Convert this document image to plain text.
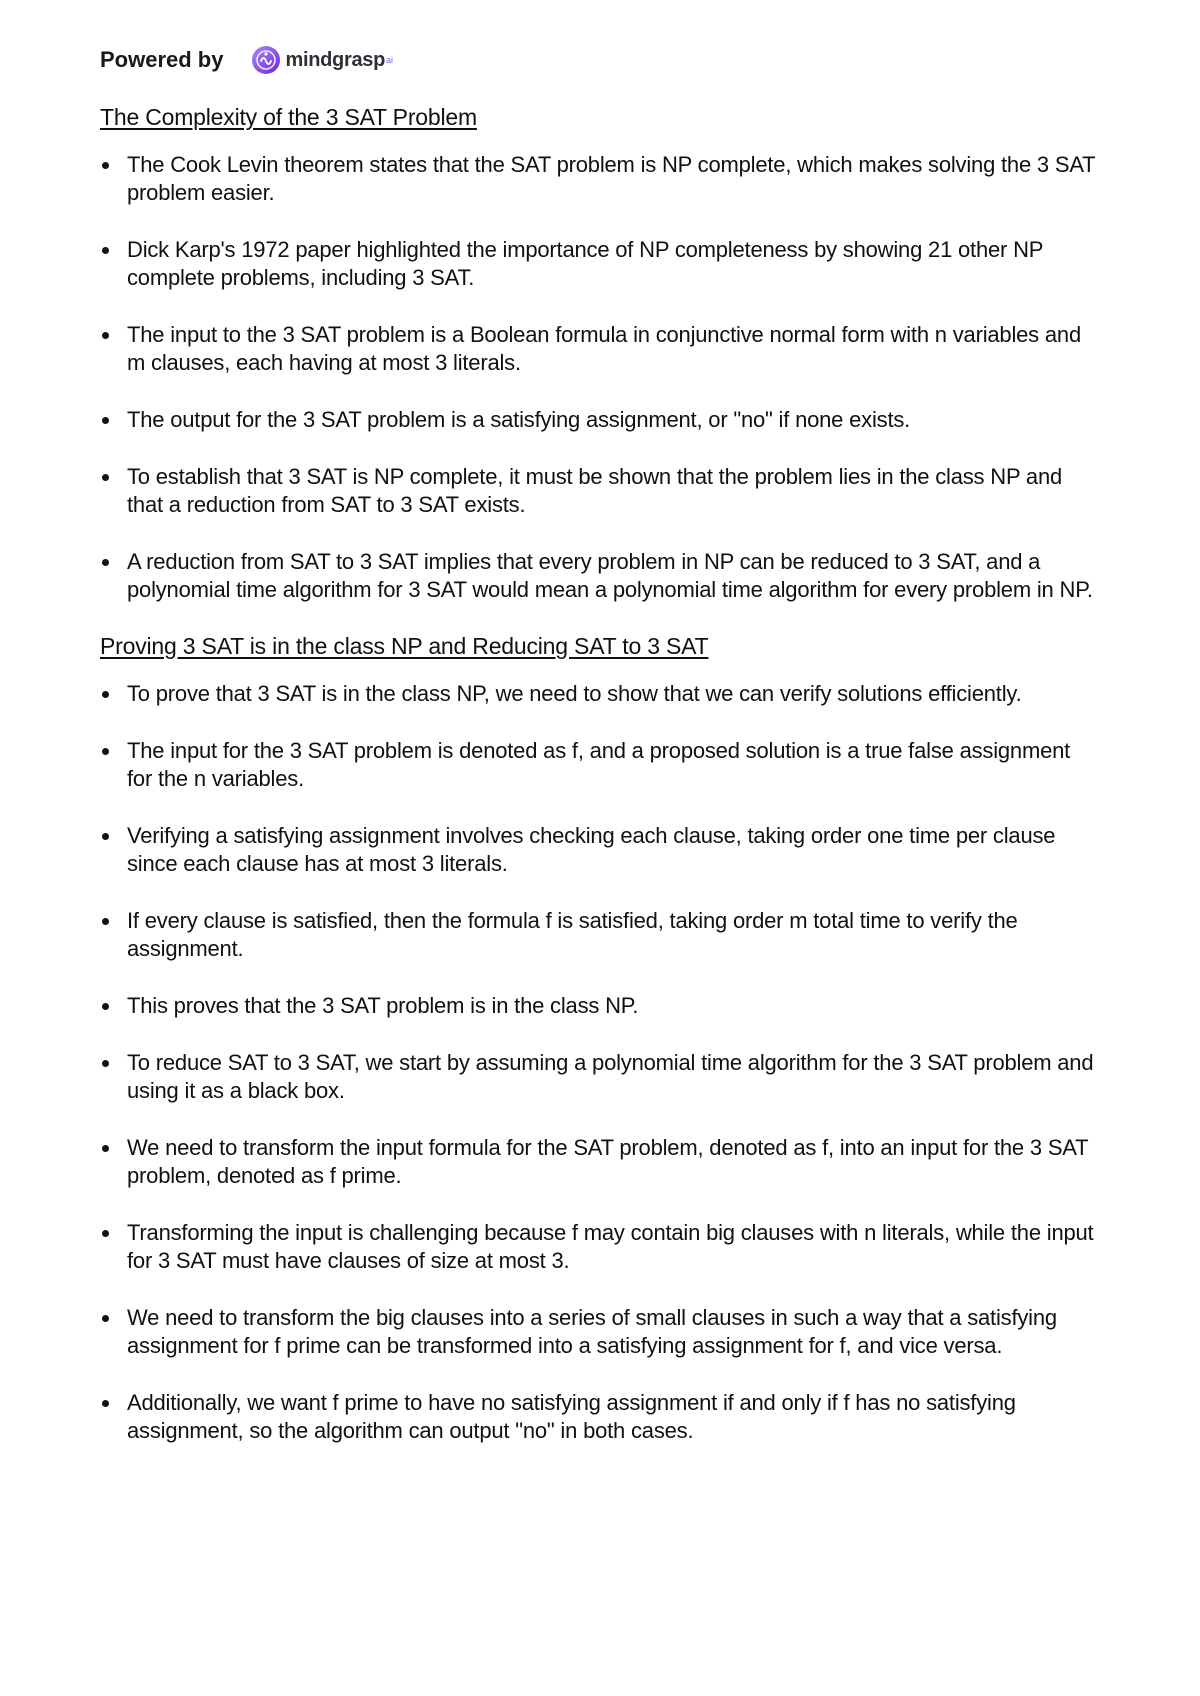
Powered by	mindgrasp ai
The Complexity of the 3 SAT Problem
The Cook Levin theorem states that the SAT problem is NP complete, which makes solving the 3 SAT problem easier.
Dick Karp's 1972 paper highlighted the importance of NP completeness by showing 21 other NP complete problems, including 3 SAT.
The input to the 3 SAT problem is a Boolean formula in conjunctive normal form with n variables and m clauses, each having at most 3 literals.
The output for the 3 SAT problem is a satisfying assignment, or "no" if none exists.
To establish that 3 SAT is NP complete, it must be shown that the problem lies in the class NP and that a reduction from SAT to 3 SAT exists.
A reduction from SAT to 3 SAT implies that every problem in NP can be reduced to 3 SAT, and a polynomial time algorithm for 3 SAT would mean a polynomial time algorithm for every problem in NP.
Proving 3 SAT is in the class NP and Reducing SAT to 3 SAT
To prove that 3 SAT is in the class NP, we need to show that we can verify solutions efficiently.
The input for the 3 SAT problem is denoted as f, and a proposed solution is a true false assignment for the n variables.
Verifying a satisfying assignment involves checking each clause, taking order one time per clause since each clause has at most 3 literals.
If every clause is satisfied, then the formula f is satisfied, taking order m total time to verify the assignment.
This proves that the 3 SAT problem is in the class NP.
To reduce SAT to 3 SAT, we start by assuming a polynomial time algorithm for the 3 SAT problem and using it as a black box.
We need to transform the input formula for the SAT problem, denoted as f, into an input for the 3 SAT problem, denoted as f prime.
Transforming the input is challenging because f may contain big clauses with n literals, while the input for 3 SAT must have clauses of size at most 3.
We need to transform the big clauses into a series of small clauses in such a way that a satisfying assignment for f prime can be transformed into a satisfying assignment for f, and vice versa.
Additionally, we want f prime to have no satisfying assignment if and only if f has no satisfying assignment, so the algorithm can output "no" in both cases.
